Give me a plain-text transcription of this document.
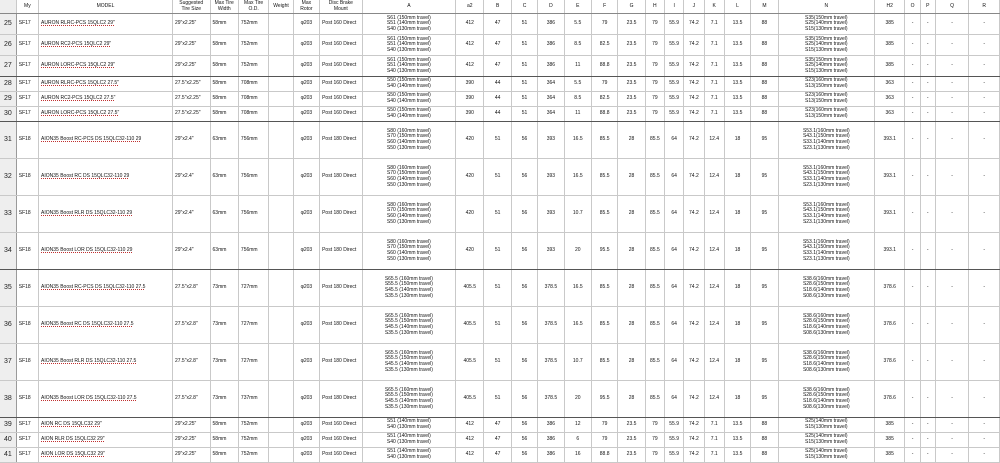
	My	MODEL	Suggested Tire Size	Max Tire Width	Max Tire O.D.	Weight	Max Rotor	Disc Brake Mount	A	a2	B	C	D	E	F	G	H	I	J	K	L	M	N	H2	O	P	Q	R
25	SF17	AURON RLRC-PCS 15QLC2 29"	29"x2.25"	58mm	752mm		φ203	Post 160 Direct	S61 (150mm travel)
S51 (140mm travel)
S40 (130mm travel)	412	47	51	386	5.5	79	23.5	79	55.9	74.2	7.1	13.5	88	S35(150mm travel)
S25(140mm travel)
S15(130mm travel)	385	-	-	-	-
26	SF17	AURON RC2-PCS 15QLC2 29"	29"x2.25"	58mm	752mm		φ203	Post 160 Direct	S61 (150mm travel)
S51 (140mm travel)
S40 (130mm travel)	412	47	51	386	8.5	82.5	23.5	79	55.9	74.2	7.1	13.5	88	S35(150mm travel)
S25(140mm travel)
S15(130mm travel)	385	-	-	-	-
27	SF17	AURON LORC-PCS 15QLC2 29"	29"x2.25"	58mm	752mm		φ203	Post 160 Direct	S61 (150mm travel)
S51 (140mm travel)
S40 (130mm travel)	412	47	51	386	11	88.8	23.5	79	55.9	74.2	7.1	13.5	88	S35(150mm travel)
S25(140mm travel)
S15(130mm travel)	385	-	-	-	-
28	SF17	AURON RLRC-PCS 15QLC2 27.5"	27.5"x2.25"	58mm	708mm		φ203	Post 160 Direct	S50 (150mm travel)
S40 (140mm travel)	390	44	51	364	5.5	79	23.5	79	55.9	74.2	7.1	13.5	88	S23(160mm travel)
S13(150mm travel)	363	-	-	-	-
29	SF17	AURON RC2-PCS 15QLC2 27.5"	27.5"x2.25"	58mm	708mm		φ203	Post 160 Direct	S50 (150mm travel)
S40 (140mm travel)	390	44	51	364	8.5	82.5	23.5	79	55.9	74.2	7.1	13.5	88	S23(160mm travel)
S13(150mm travel)	363	-	-	-	-
30	SF17	AURON LORC-PCS 15QLC2 27.5"	27.5"x2.25"	58mm	708mm		φ203	Post 160 Direct	S50 (150mm travel)
S40 (140mm travel)	390	44	51	364	11	88.8	23.5	79	55.9	74.2	7.1	13.5	88	S23(160mm travel)
S13(150mm travel)	363	-	-	-	-
31	SF18	AION35 Boost RC-PCS DS 15QLC32-110 29	29"x2.4"	63mm	756mm		φ203	Post 180 Direct	S80 (160mm travel)
S70 (150mm travel)
S60 (140mm travel)
S50 (130mm travel)	420	51	56	393	16.5	85.5	28	85.5	64	74.2	12.4	18	95	S53.1(160mm travel)
S43.1(150mm travel)
S33.1(140mm travel)
S23.1(130mm travel)	393.1	-	-	-	-
32	SF18	AION35 Boost RC DS 15QLC32-110 29	29"x2.4"	63mm	756mm		φ203	Post 180 Direct	S80 (160mm travel)
S70 (150mm travel)
S60 (140mm travel)
S50 (130mm travel)	420	51	56	393	16.5	85.5	28	85.5	64	74.2	12.4	18	95	S53.1(160mm travel)
S43.1(150mm travel)
S33.1(140mm travel)
S23.1(130mm travel)	393.1	-	-	-	-
33	SF18	AION35 Boost RLR DS 15QLC32-110 29	29"x2.4"	63mm	756mm		φ203	Post 180 Direct	S80 (160mm travel)
S70 (150mm travel)
S60 (140mm travel)
S50 (130mm travel)	420	51	56	393	10.7	85.5	28	85.5	64	74.2	12.4	18	95	S53.1(160mm travel)
S43.1(150mm travel)
S33.1(140mm travel)
S23.1(130mm travel)	393.1	-	-	-	-
34	SF18	AION35 Boost LOR DS 15QLC32-110 29	29"x2.4"	63mm	756mm		φ203	Post 180 Direct	S80 (160mm travel)
S70 (150mm travel)
S60 (140mm travel)
S50 (130mm travel)	420	51	56	393	20	95.5	28	85.5	64	74.2	12.4	18	95	S53.1(160mm travel)
S43.1(150mm travel)
S33.1(140mm travel)
S23.1(130mm travel)	393.1	-	-	-	-
35	SF18	AION35 Boost RC-PCS DS 15QLC32-110 27.5	27.5"x2.8"	73mm	727mm		φ203	Post 180 Direct	S65.5 (160mm travel)
S55.5 (150mm travel)
S45.5 (140mm travel)
S35.5 (130mm travel)	405.5	51	56	378.5	16.5	85.5	28	85.5	64	74.2	12.4	18	95	S38.6(160mm travel)
S28.6(150mm travel)
S18.6(140mm travel)
S08.6(130mm travel)	378.6	-	-	-	-
36	SF18	AION35 Boost RC DS 15QLC32-110 27.5	27.5"x2.8"	73mm	727mm		φ203	Post 180 Direct	S65.5 (160mm travel)
S55.5 (150mm travel)
S45.5 (140mm travel)
S35.5 (130mm travel)	405.5	51	56	378.5	16.5	85.5	28	85.5	64	74.2	12.4	18	95	S38.6(160mm travel)
S28.6(150mm travel)
S18.6(140mm travel)
S08.6(130mm travel)	378.6	-	-	-	-
37	SF18	AION35 Boost RLR DS 15QLC32-110 27.5	27.5"x2.8"	73mm	727mm		φ203	Post 180 Direct	S65.5 (160mm travel)
S55.5 (150mm travel)
S45.5 (140mm travel)
S35.5 (130mm travel)	405.5	51	56	378.5	10.7	85.5	28	85.5	64	74.2	12.4	18	95	S38.6(160mm travel)
S28.6(150mm travel)
S18.6(140mm travel)
S08.6(130mm travel)	378.6	-	-	-	-
38	SF18	AION35 Boost LOR DS 15QLC32-110 27.5	27.5"x2.8"	73mm	737mm		φ203	Post 180 Direct	S65.5 (160mm travel)
S55.5 (150mm travel)
S45.5 (140mm travel)
S35.5 (130mm travel)	405.5	51	56	378.5	20	95.5	28	85.5	64	74.2	12.4	18	95	S38.6(160mm travel)
S28.6(150mm travel)
S18.6(140mm travel)
S08.6(130mm travel)	378.6	-	-	-	-
39	SF17	AION RC DS 15QLC32 29"	29"x2.25"	58mm	752mm		φ203	Post 160 Direct	S51 (140mm travel)
S40 (130mm travel)	412	47	56	386	12	79	23.5	79	55.9	74.2	7.1	13.5	88	S25(140mm travel)
S15(130mm travel)	385	-	-	-	-
40	SF17	AION RLR DS 15QLC32 29"	29"x2.25"	58mm	752mm		φ203	Post 160 Direct	S51 (140mm travel)
S40 (130mm travel)	412	47	56	386	6	79	23.5	79	55.9	74.2	7.1	13.5	88	S25(140mm travel)
S15(130mm travel)	385	-	-	-	-
41	SF17	AION LOR DS 15QLC32 29"	29"x2.25"	58mm	752mm		φ203	Post 160 Direct	S51 (140mm travel)
S40 (130mm travel)	412	47	56	386	16	88.8	23.5	79	55.9	74.2	7.1	13.5	88	S25(140mm travel)
S15(130mm travel)	385	-	-	-	-
